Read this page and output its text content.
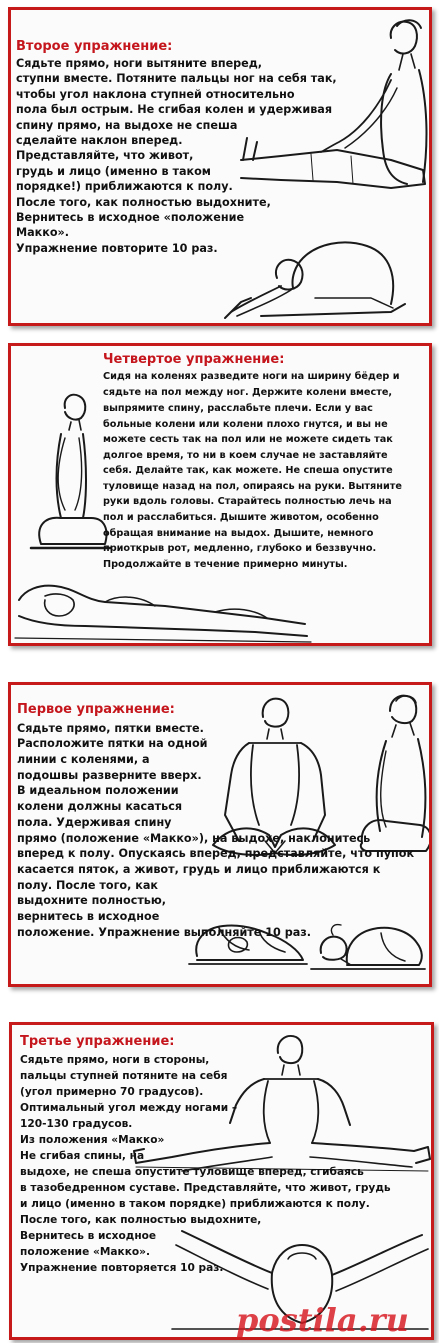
Второе упражнение:
Сядьте прямо, ноги вытяните вперед,
ступни вместе. Потяните пальцы ног на себя так,
чтобы угол наклона ступней относительно
пола был острым. Не сгибая колен и удерживая
спину прямо, на выдохе не спеша
сделайте наклон вперед.
Представляйте, что живот,
грудь и лицо (именно в таком
порядке!) приближаются к полу.
После того, как полностью выдохните,
Вернитесь в исходное «положение
Макко».
Упражнение повторите 10 раз.
Четвертое упражнение:
Сидя на коленях разведите ноги на ширину бёдер и
сядьте на пол между ног. Держите колени вместе,
выпрямите спину, расслабьте плечи. Если у вас
больные колени или колени плохо гнутся, и вы не
можете сесть так на пол или не можете сидеть так
долгое время, то ни в коем случае не заставляйте
себя. Делайте так, как можете. Не спеша опустите
туловище назад на пол, опираясь на руки. Вытяните
руки вдоль головы. Старайтесь полностью лечь на
пол и расслабиться. Дышите животом, особенно
обращая внимание на выдох. Дышите, немного
приоткрыв рот, медленно, глубоко и беззвучно.
Продолжайте в течение примерно минуты.
Первое упражнение:
Сядьте прямо, пятки вместе.
Расположите пятки на одной
линии с коленями, а
подошвы разверните вверх.
В идеальном положении
колени должны касаться
пола. Удерживая спину
прямо (положение «Макко»), на выдохе, наклонитесь
вперед к полу. Опускаясь вперед, представляйте, что пупок
касается пяток, а живот, грудь и лицо приближаются к
полу. После того, как
выдохните полностью,
вернитесь в исходное
положение. Упражнение выполняйте 10 раз.
Третье упражнение:
Сядьте прямо, ноги в стороны,
пальцы ступней потяните на себя
(угол примерно 70 градусов).
Оптимальный угол между ногами –
120-130 градусов.
Из положения «Макко»
Не сгибая спины, на
выдохе, не спеша опустите туловище вперед, сгибаясь
в тазобедренном суставе. Представляйте, что живот, грудь
и лицо (именно в таком порядке) приближаются к полу.
После того, как полностью выдохните,
Вернитесь в исходное
положение «Макко».
Упражнение повторяется 10 раз.
postila.ru
